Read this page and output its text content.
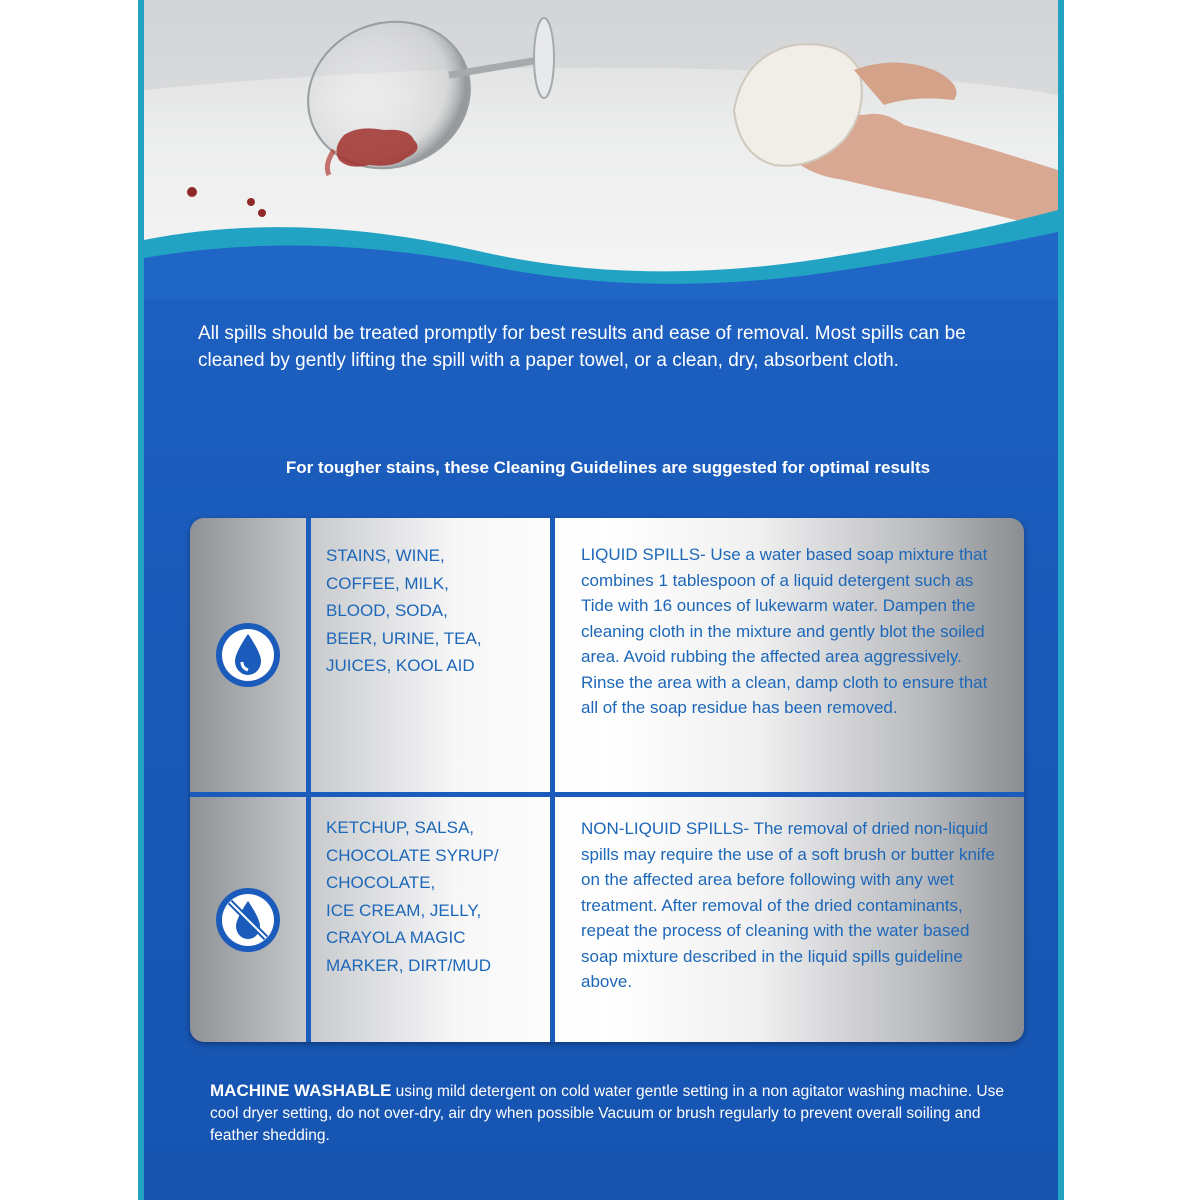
All spills should be treated promptly for best results and ease of removal. Most spills can be cleaned by gently lifting the spill with a paper towel, or a clean, dry, absorbent cloth.
For tougher stains, these Cleaning Guidelines are suggested for optimal results
STAINS, WINE,
COFFEE, MILK,
BLOOD, SODA,
BEER, URINE, TEA,
JUICES, KOOL AID
LIQUID SPILLS- Use a water based soap mixture that combines 1 tablespoon of a liquid detergent such as Tide with 16 ounces of lukewarm water. Dampen the cleaning cloth in the mixture and gently blot the soiled area. Avoid rubbing the affected area aggressively. Rinse the area with a clean, damp cloth to ensure that all of the soap residue has been removed.
KETCHUP, SALSA,
CHOCOLATE SYRUP/
CHOCOLATE,
ICE CREAM, JELLY,
CRAYOLA MAGIC
MARKER, DIRT/MUD
NON-LIQUID SPILLS- The removal of dried non-liquid spills may require the use of a soft brush or butter knife on the affected area before following with any wet treatment. After removal of the dried contaminants, repeat the process of cleaning with the water based soap mixture described in the liquid spills guideline above.
MACHINE WASHABLE using mild detergent on cold water gentle setting in a non agitator washing machine. Use cool dryer setting, do not over-dry, air dry when possible Vacuum or brush regularly to prevent overall soiling and feather shedding.
